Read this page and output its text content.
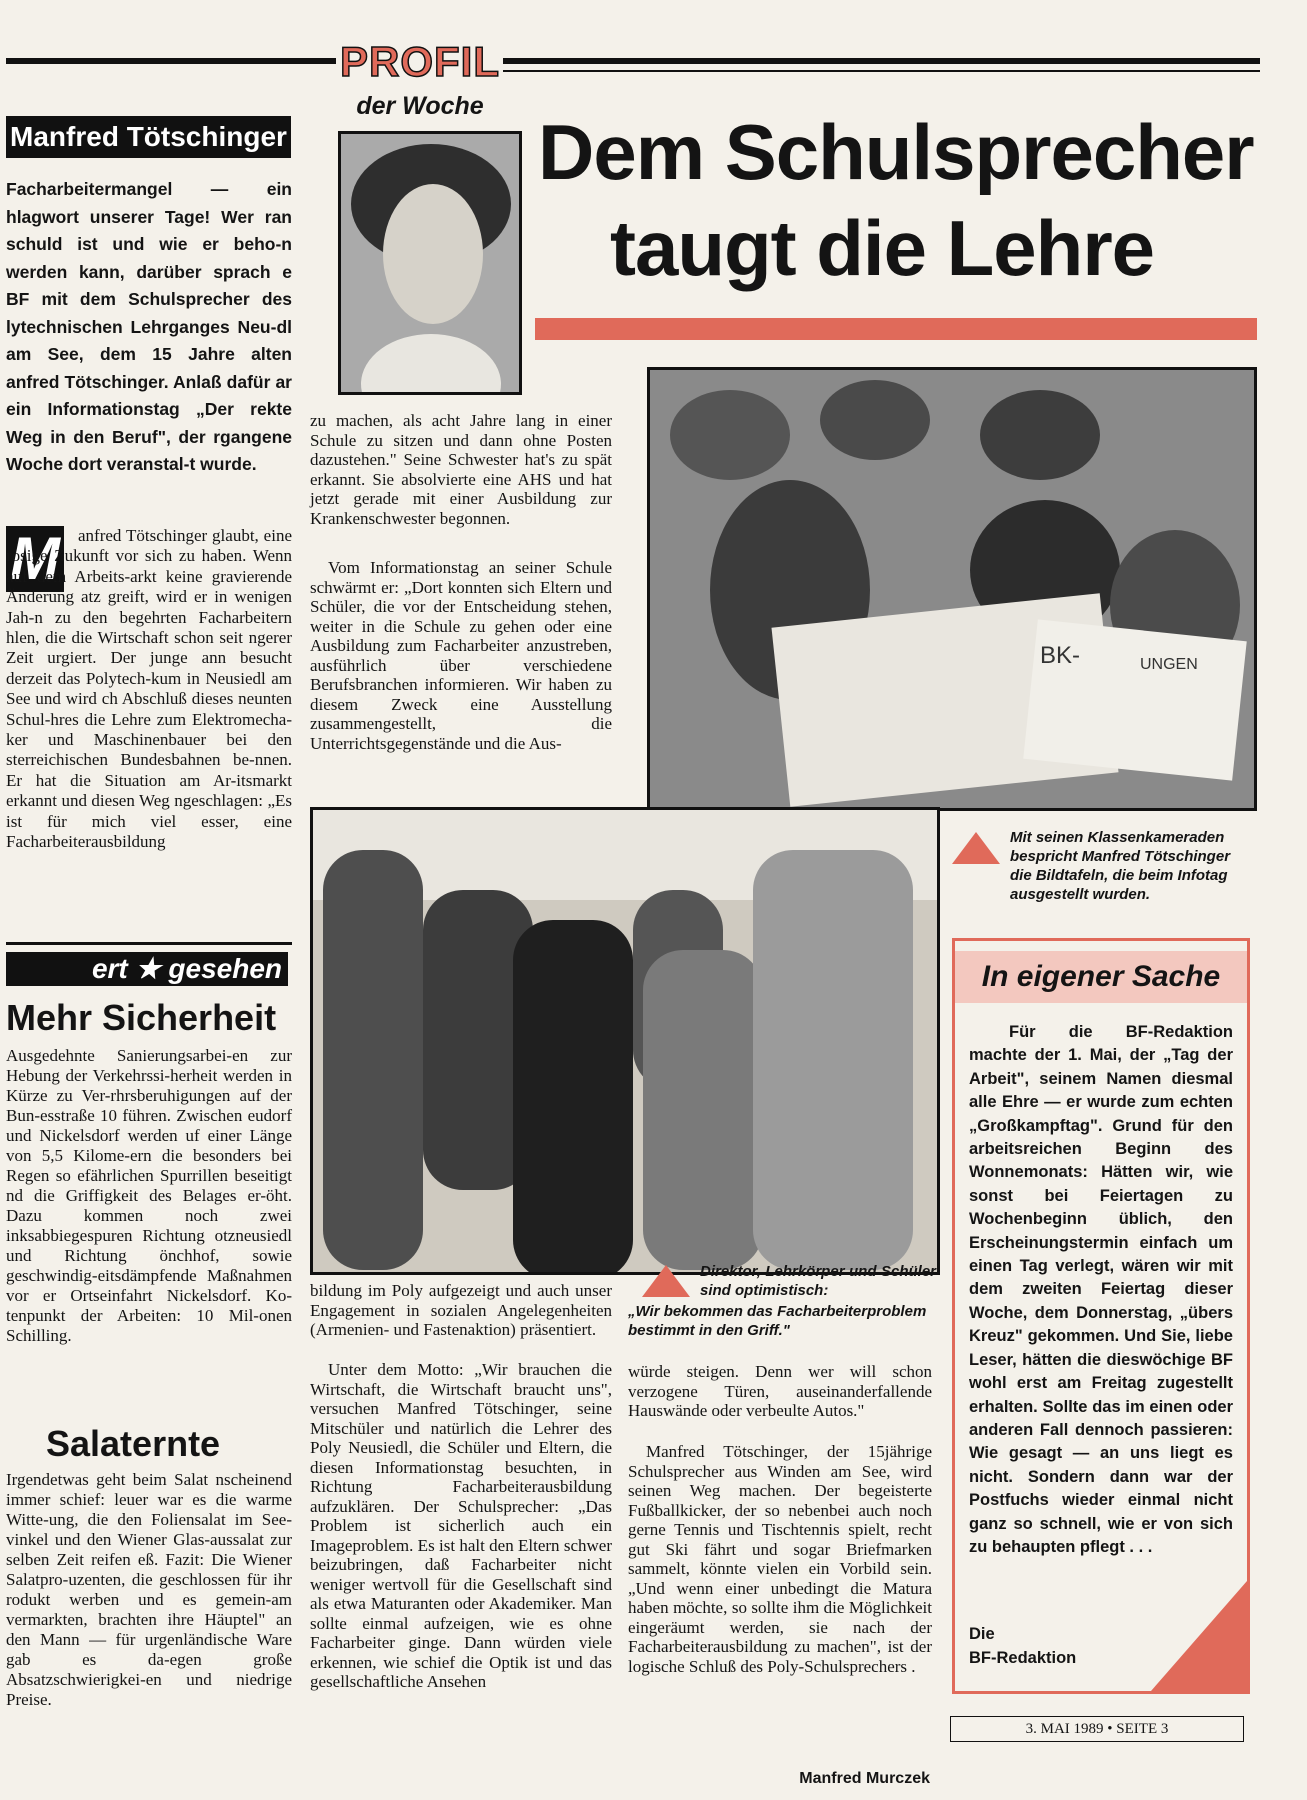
PROFIL
der Woche
Manfred Tötschinger	Dem Schulsprecher
taugt die Lehre

Facharbeitermangel — ein hlagwort unserer Tage! Wer ran schuld ist und wie er beho-n werden kann, darüber sprach e BF mit dem Schulsprecher des lytechnischen Lehrganges Neu-dl am See, dem 15 Jahre alten anfred Tötschinger. Anlaß dafür ar ein Informationstag „Der rekte Weg in den Beruf", der rgangene Woche dort veranstal-t wurde.

M	anfred Tötschinger glaubt, eine rosige Zukunft vor sich zu haben. Wenn auf dem Arbeits-arkt keine gravierende Änderung atz greift, wird er in wenigen Jah-n zu den begehrten Facharbeitern hlen, die die Wirtschaft schon seit ngerer Zeit urgiert. Der junge ann besucht derzeit das Polytech-kum in Neusiedl am See und wird ch Abschluß dieses neunten Schul-hres die Lehre zum Elektromecha-ker und Maschinenbauer bei den sterreichischen Bundesbahnen be-nnen. Er hat die Situation am Ar-itsmarkt erkannt und diesen Weg ngeschlagen: „Es ist für mich viel esser, eine Facharbeiterausbildung

ert ★ gesehen
Mehr Sicherheit

Ausgedehnte Sanierungsarbei-en zur Hebung der Verkehrssi-herheit werden in Kürze zu Ver-rhrsberuhigungen auf der Bun-esstraße 10 führen. Zwischen eudorf und Nickelsdorf werden uf einer Länge von 5,5 Kilome-ern die besonders bei Regen so efährlichen Spurrillen beseitigt nd die Griffigkeit des Belages er-öht. Dazu kommen noch zwei inksabbiegespuren Richtung otzneusiedl und Richtung önchhof, sowie geschwindig-eitsdämpfende Maßnahmen vor er Ortseinfahrt Nickelsdorf. Ko-tenpunkt der Arbeiten: 10 Mil-onen Schilling.

Salaternte

Irgendetwas geht beim Salat nscheinend immer schief: leuer war es die warme Witte-ung, die den Foliensalat im See-vinkel und den Wiener Glas-aussalat zur selben Zeit reifen eß. Fazit: Die Wiener Salatpro-uzenten, die geschlossen für ihr rodukt werben und es gemein-am vermarkten, brachten ihre Häuptel" an den Mann — für urgenländische Ware gab es da-egen große Absatzschwierigkei-en und niedrige Preise.

zu machen, als acht Jahre lang in einer Schule zu sitzen und dann ohne Posten dazustehen." Seine Schwester hat's zu spät erkannt. Sie absolvierte eine AHS und hat jetzt gerade mit einer Ausbildung zur Krankenschwester begonnen.

Vom Informationstag an seiner Schule schwärmt er: „Dort konnten sich Eltern und Schüler, die vor der Entscheidung stehen, weiter in die Schule zu gehen oder eine Ausbildung zum Facharbeiter anzustreben, ausführlich über verschiedene Berufsbranchen informieren. Wir haben zu diesem Zweck eine Ausstellung zusammengestellt, die Unterrichtsgegenstände und die Aus-

BK-	UNGEN

Mit seinen Klassenkameraden bespricht Manfred Tötschinger die Bildtafeln, die beim Infotag ausgestellt wurden.

Direktor, Lehrkörper und Schüler sind optimistisch:
„Wir bekommen das Facharbeiterproblem bestimmt in den Griff."

bildung im Poly aufgezeigt und auch unser Engagement in sozialen Angelegenheiten (Armenien- und Fastenaktion) präsentiert.

Unter dem Motto: „Wir brauchen die Wirtschaft, die Wirtschaft braucht uns", versuchen Manfred Tötschinger, seine Mitschüler und natürlich die Lehrer des Poly Neusiedl, die Schüler und Eltern, die diesen Informationstag besuchten, in Richtung Facharbeiterausbildung aufzuklären. Der Schulsprecher: „Das Problem ist sicherlich auch ein Imageproblem. Es ist halt den Eltern schwer beizubringen, daß Facharbeiter nicht weniger wertvoll für die Gesellschaft sind als etwa Maturanten oder Akademiker. Man sollte einmal aufzeigen, wie es ohne Facharbeiter ginge. Dann würden viele erkennen, wie schief die Optik ist und das gesellschaftliche Ansehen

würde steigen. Denn wer will schon verzogene Türen, auseinanderfallende Hauswände oder verbeulte Autos."

Manfred Tötschinger, der 15jährige Schulsprecher aus Winden am See, wird seinen Weg machen. Der begeisterte Fußballkicker, der so nebenbei auch noch gerne Tennis und Tischtennis spielt, recht gut Ski fährt und sogar Briefmarken sammelt, könnte vielen ein Vorbild sein. „Und wenn einer unbedingt die Matura haben möchte, so sollte ihm die Möglichkeit eingeräumt werden, sie nach der Facharbeiterausbildung zu machen", ist der logische Schluß des Poly-Schulsprechers .

Manfred Murczek
In eigener Sache

Für die BF-Redaktion machte der 1. Mai, der „Tag der Arbeit", seinem Namen diesmal alle Ehre — er wurde zum echten „Großkampftag". Grund für den arbeitsreichen Beginn des Wonnemonats: Hätten wir, wie sonst bei Feiertagen zu Wochenbeginn üblich, den Erscheinungstermin einfach um einen Tag verlegt, wären wir mit dem zweiten Feiertag dieser Woche, dem Donnerstag, „übers Kreuz" gekommen. Und Sie, liebe Leser, hätten die dieswöchige BF wohl erst am Freitag zugestellt erhalten. Sollte das im einen oder anderen Fall dennoch passieren: Wie gesagt — an uns liegt es nicht. Sondern dann war der Postfuchs wieder einmal nicht ganz so schnell, wie er von sich zu behaupten pflegt . . .

Die
BF-Redaktion
3. MAI 1989 • SEITE 3
